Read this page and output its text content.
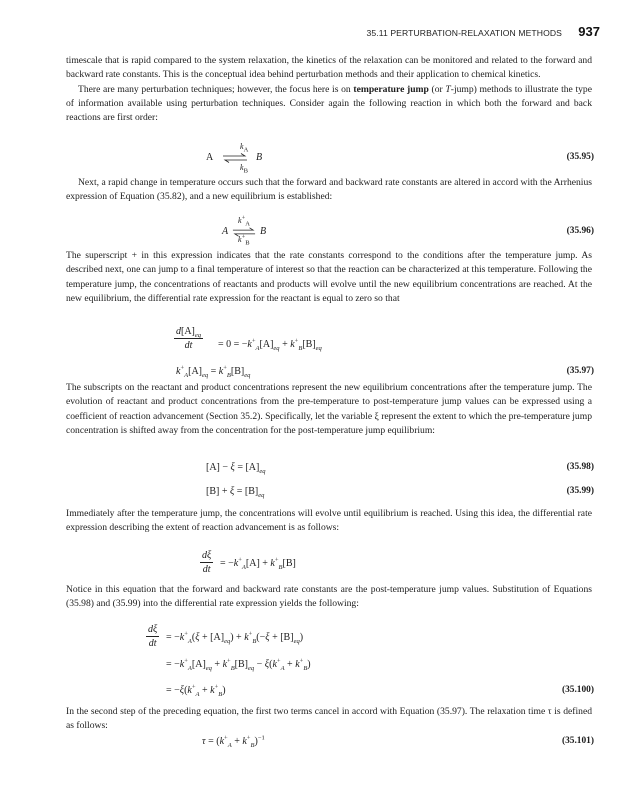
35.11 PERTURBATION-RELAXATION METHODS 937

timescale that is rapid compared to the system relaxation, the kinetics of the relaxation can be monitored and related to the forward and backward rate constants. This is the conceptual idea behind perturbation methods and their application to chemical kinetics.

There are many perturbation techniques; however, the focus here is on temperature jump (or T-jump) methods to illustrate the type of information available using perturbation techniques. Consider again the following reaction in which both the forward and back reactions are first order:

A
$k_A$
$k_B$
B	(35.95)

Next, a rapid change in temperature occurs such that the forward and backward rate constants are altered in accord with the Arrhenius expression of Equation (35.82), and a new equilibrium is established:

A
$k^+_A$
$k^+_B$
B	(35.96)

The superscript + in this expression indicates that the rate constants correspond to the conditions after the temperature jump. As described next, one can jump to a final temperature of interest so that the reaction can be characterized at this temperature. Following the temperature jump, the concentrations of reactants and products will evolve until the new equilibrium concentrations are reached. At the new equilibrium, the differential rate expression for the reactant is equal to zero so that

$\frac{d[A]_{eq}}{dt} = 0 = -k^+_A[A]_{eq} + k^+_B[B]_{eq}$
$k^+_A[A]_{eq} = k^+_B[B]_{eq}$	(35.97)

The subscripts on the reactant and product concentrations represent the new equilibrium concentrations after the temperature jump. The evolution of reactant and product concentrations from the pre-temperature to post-temperature jump values can be expressed using a coefficient of reaction advancement (Section 35.2). Specifically, let the variable ξ represent the extent to which the pre-temperature jump concentration is shifted away from the concentration for the post-temperature jump equilibrium:

$[A] - \xi = [A]_{eq}$	(35.98)
$[B] + \xi = [B]_{eq}$	(35.99)

Immediately after the temperature jump, the concentrations will evolve until equilibrium is reached. Using this idea, the differential rate expression describing the extent of reaction advancement is as follows:

$\frac{d\xi}{dt} = -k^+_A[A] + k^+_B[B]$

Notice in this equation that the forward and backward rate constants are the post-temperature jump values. Substitution of Equations (35.98) and (35.99) into the differential rate expression yields the following:

$\frac{d\xi}{dt} = -k^+_A(\xi + [A]_{eq}) + k^+_B(-\xi + [B]_{eq})$
= $-k^+_A[A]_{eq} + k^+_B[B]_{eq} - \xi(k^+_A + k^+_B)$
= $-\xi(k^+_A + k^+_B)$	(35.100)

In the second step of the preceding equation, the first two terms cancel in accord with Equation (35.97). The relaxation time τ is defined as follows:

$\tau = (k^+_A + k^+_B)^{-1}$	(35.101)
